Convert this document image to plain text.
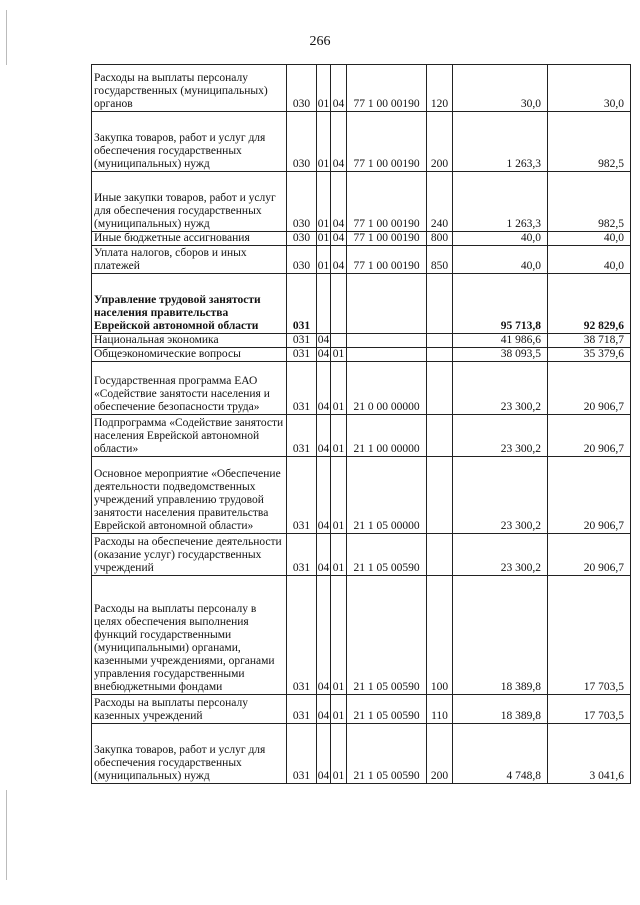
266
Расходы на выплаты персоналу государственных (муниципальных) органов	030	01	04	77 1 00 00190	120	30,0	30,0
Закупка товаров, работ и услуг для обеспечения государственных (муниципальных) нужд	030	01	04	77 1 00 00190	200	1 263,3	982,5
Иные закупки товаров, работ и услуг для обеспечения государственных (муниципальных) нужд	030	01	04	77 1 00 00190	240	1 263,3	982,5
Иные бюджетные ассигнования	030	01	04	77 1 00 00190	800	40,0	40,0
Уплата налогов, сборов и иных платежей	030	01	04	77 1 00 00190	850	40,0	40,0
Управление трудовой занятости населения правительства Еврейской автономной области	031					95 713,8	92 829,6
Национальная экономика	031	04				41 986,6	38 718,7
Общеэкономические вопросы	031	04	01			38 093,5	35 379,6
Государственная программа ЕАО «Содействие занятости населения и обеспечение безопасности труда»	031	04	01	21 0 00 00000		23 300,2	20 906,7
Подпрограмма «Содействие занятости населения Еврейской автономной области»	031	04	01	21 1 00 00000		23 300,2	20 906,7
Основное мероприятие «Обеспечение деятельности подведомственных учреждений управлению трудовой занятости населения правительства Еврейской автономной области»	031	04	01	21 1 05 00000		23 300,2	20 906,7
Расходы на обеспечение деятельности (оказание услуг) государственных учреждений	031	04	01	21 1 05 00590		23 300,2	20 906,7
Расходы на выплаты персоналу в целях обеспечения выполнения функций государственными (муниципальными) органами, казенными учреждениями, органами управления государственными внебюджетными фондами	031	04	01	21 1 05 00590	100	18 389,8	17 703,5
Расходы на выплаты персоналу казенных учреждений	031	04	01	21 1 05 00590	110	18 389,8	17 703,5
Закупка товаров, работ и услуг для обеспечения государственных (муниципальных) нужд	031	04	01	21 1 05 00590	200	4 748,8	3 041,6
